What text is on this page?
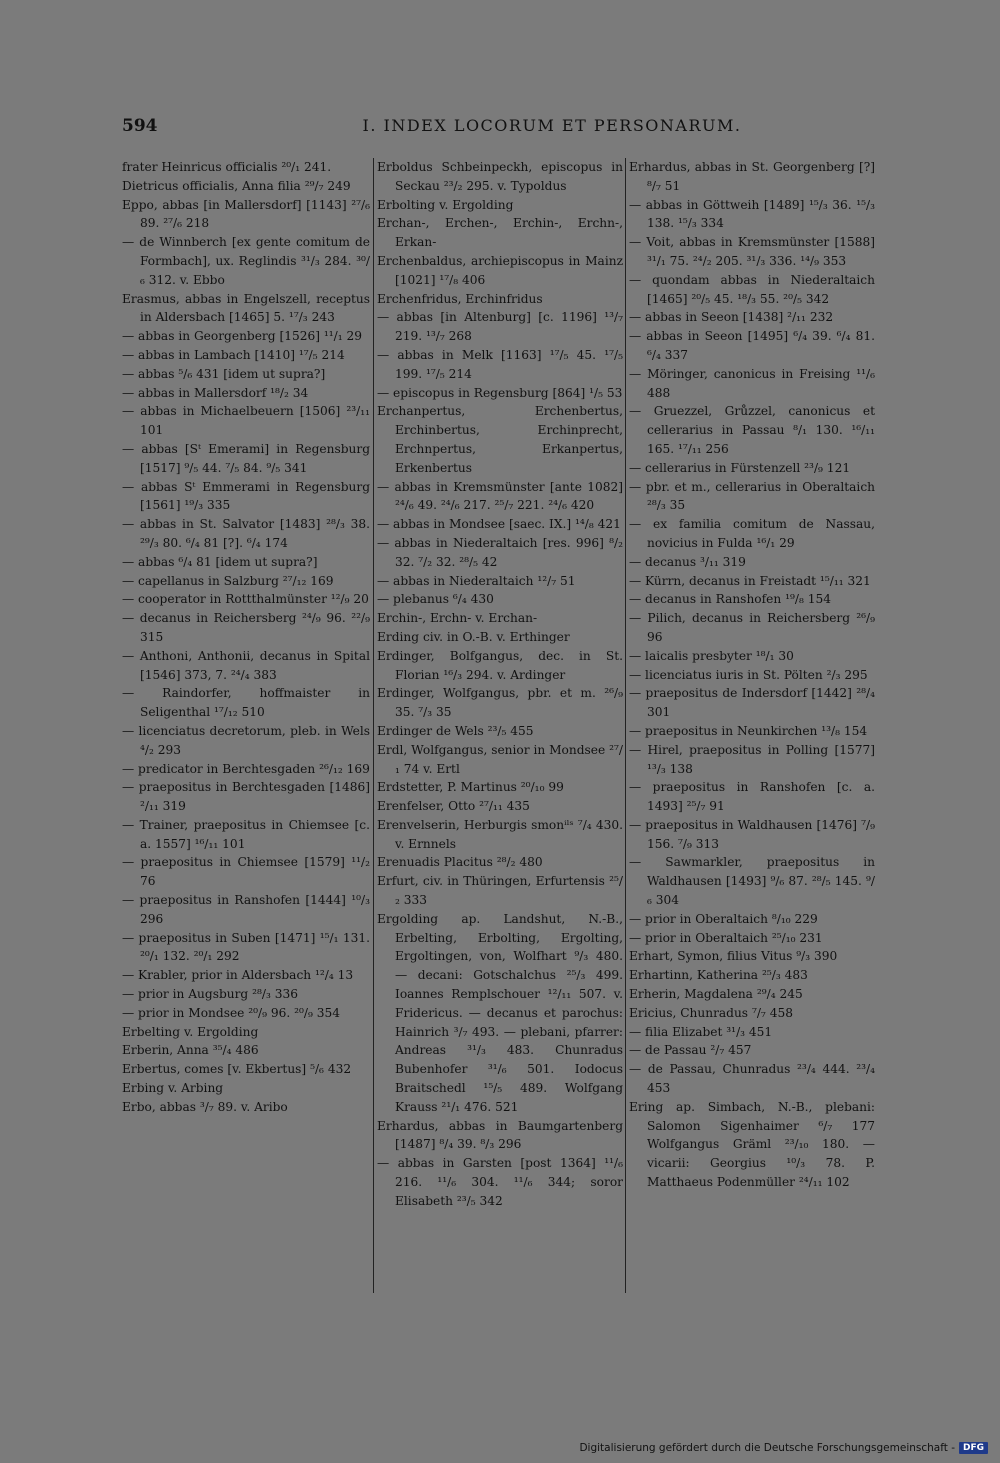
594	I. INDEX LOCORUM ET PERSONARUM.
frater Heinricus officialis ²⁰/₁ 241.
Dietricus officialis, Anna filia ²⁹/₇ 249
Eppo, abbas [in Mallersdorf] [1143] ²⁷/₆ 89. ²⁷/₆ 218
— de Winnberch [ex gente comitum de Formbach], ux. Reglindis ³¹/₃ 284. ³⁰/₆ 312. v. Ebbo
Erasmus, abbas in Engelszell, receptus in Aldersbach [1465] 5. ¹⁷/₃ 243
— abbas in Georgenberg [1526] ¹¹/₁ 29
— abbas in Lambach [1410] ¹⁷/₅ 214
— abbas ⁵/₆ 431 [idem ut supra?]
— abbas in Mallersdorf ¹⁸/₂ 34
— abbas in Michaelbeuern [1506] ²³/₁₁ 101
— abbas [Sᵗ Emerami] in Regensburg [1517] ⁹/₅ 44. ⁷/₅ 84. ⁹/₅ 341
— abbas Sᵗ Emmerami in Regensburg [1561] ¹⁹/₃ 335
— abbas in St. Salvator [1483] ²⁸/₃ 38. ²⁹/₃ 80. ⁶/₄ 81 [?]. ⁶/₄ 174
— abbas ⁶/₄ 81 [idem ut supra?]
— capellanus in Salzburg ²⁷/₁₂ 169
— cooperator in Rottthalmünster ¹²/₉ 20
— decanus in Reichersberg ²⁴/₉ 96. ²²/₉ 315
— Anthoni, Anthonii, decanus in Spital [1546] 373, 7. ²⁴/₄ 383
— Raindorfer, hoffmaister in Seligenthal ¹⁷/₁₂ 510
— licenciatus decretorum, pleb. in Wels ⁴/₂ 293
— predicator in Berchtesgaden ²⁶/₁₂ 169
— praepositus in Berchtesgaden [1486] ²/₁₁ 319
— Trainer, praepositus in Chiemsee [c. a. 1557] ¹⁶/₁₁ 101
— praepositus in Chiemsee [1579] ¹¹/₂ 76
— praepositus in Ranshofen [1444] ¹⁰/₃ 296
— praepositus in Suben [1471] ¹⁵/₁ 131. ²⁰/₁ 132. ²⁰/₁ 292
— Krabler, prior in Aldersbach ¹²/₄ 13
— prior in Augsburg ²⁸/₃ 336
— prior in Mondsee ²⁰/₉ 96. ²⁰/₉ 354
Erbelting v. Ergolding
Erberin, Anna ³⁵/₄ 486
Erbertus, comes [v. Ekbertus] ⁵/₆ 432
Erbing v. Arbing
Erbo, abbas ³/₇ 89. v. Aribo
Erboldus Schbeinpeckh, episcopus in Seckau ²³/₂ 295. v. Typoldus
Erbolting v. Ergolding
Erchan-, Erchen-, Erchin-, Erchn-, Erkan-
Erchenbaldus, archiepiscopus in Mainz [1021] ¹⁷/₈ 406
Erchenfridus, Erchinfridus
— abbas [in Altenburg] [c. 1196] ¹³/₇ 219. ¹³/₇ 268
— abbas in Melk [1163] ¹⁷/₅ 45. ¹⁷/₅ 199. ¹⁷/₅ 214
— episcopus in Regensburg [864] ¹/₅ 53
Erchanpertus, Erchenbertus, Erchinbertus, Erchinprecht, Erchnpertus, Erkanpertus, Erkenbertus
— abbas in Kremsmünster [ante 1082] ²⁴/₆ 49. ²⁴/₆ 217. ²⁵/₇ 221. ²⁴/₆ 420
— abbas in Mondsee [saec. IX.] ¹⁴/₈ 421
— abbas in Niederaltaich [res. 996] ⁸/₂ 32. ⁷/₂ 32. ²⁸/₅ 42
— abbas in Niederaltaich ¹²/₇ 51
— plebanus ⁶/₄ 430
Erchin-, Erchn- v. Erchan-
Erding civ. in O.-B. v. Erthinger
Erdinger, Bolfgangus, dec. in St. Florian ¹⁶/₃ 294. v. Ardinger
Erdinger, Wolfgangus, pbr. et m. ²⁶/₉ 35. ⁷/₃ 35
Erdinger de Wels ²³/₅ 455
Erdl, Wolfgangus, senior in Mondsee ²⁷/₁ 74 v. Ertl
Erdstetter, P. Martinus ²⁰/₁₀ 99
Erenfelser, Otto ²⁷/₁₁ 435
Erenvelserin, Herburgis smonⁱˡˢ ⁷/₄ 430. v. Ernnels
Erenuadis Placitus ²⁸/₂ 480
Erfurt, civ. in Thüringen, Erfurtensis ²⁵/₂ 333
Ergolding ap. Landshut, N.-B., Erbelting, Erbolting, Ergolting, Ergoltingen, von, Wolfhart ⁹/₃ 480. — decani: Gotschalchus ²⁵/₃ 499. Ioannes Remplschouer ¹²/₁₁ 507. v. Fridericus. — decanus et parochus: Hainrich ³/₇ 493. — plebani, pfarrer: Andreas ³¹/₃ 483. Chunradus Bubenhofer ³¹/₆ 501. Iodocus Braitschedl ¹⁵/₅ 489. Wolfgang Krauss ²¹/₁ 476. 521
Erhardus, abbas in Baumgartenberg [1487] ⁸/₄ 39. ⁸/₃ 296
— abbas in Garsten [post 1364] ¹¹/₆ 216. ¹¹/₆ 304. ¹¹/₆ 344; soror Elisabeth ²³/₅ 342
Erhardus, abbas in St. Georgenberg [?] ⁸/₇ 51
— abbas in Göttweih [1489] ¹⁵/₃ 36. ¹⁵/₃ 138. ¹⁵/₃ 334
— Voit, abbas in Kremsmünster [1588] ³¹/₁ 75. ²⁴/₂ 205. ³¹/₃ 336. ¹⁴/₉ 353
— quondam abbas in Niederaltaich [1465] ²⁰/₅ 45. ¹⁸/₃ 55. ²⁰/₅ 342
— abbas in Seeon [1438] ²/₁₁ 232
— abbas in Seeon [1495] ⁶/₄ 39. ⁶/₄ 81. ⁶/₄ 337
— Möringer, canonicus in Freising ¹¹/₆ 488
— Gruezzel, Grůzzel, canonicus et cellerarius in Passau ⁸/₁ 130. ¹⁶/₁₁ 165. ¹⁷/₁₁ 256
— cellerarius in Fürstenzell ²³/₉ 121
— pbr. et m., cellerarius in Oberaltaich ²⁸/₃ 35
— ex familia comitum de Nassau, novicius in Fulda ¹⁶/₁ 29
— decanus ³/₁₁ 319
— Kürrn, decanus in Freistadt ¹⁵/₁₁ 321
— decanus in Ranshofen ¹⁹/₈ 154
— Pilich, decanus in Reichersberg ²⁶/₉ 96
— laicalis presbyter ¹⁸/₁ 30
— licenciatus iuris in St. Pölten ²/₃ 295
— praepositus de Indersdorf [1442] ²⁸/₄ 301
— praepositus in Neunkirchen ¹³/₈ 154
— Hirel, praepositus in Polling [1577] ¹³/₃ 138
— praepositus in Ranshofen [c. a. 1493] ²⁵/₇ 91
— praepositus in Waldhausen [1476] ⁷/₉ 156. ⁷/₉ 313
— Sawmarkler, praepositus in Waldhausen [1493] ⁹/₆ 87. ²⁸/₅ 145. ⁹/₆ 304
— prior in Oberaltaich ⁸/₁₀ 229
— prior in Oberaltaich ²⁵/₁₀ 231
Erhart, Symon, filius Vitus ⁹/₃ 390
Erhartinn, Katherina ²⁵/₃ 483
Erherin, Magdalena ²⁹/₄ 245
Ericius, Chunradus ⁷/₇ 458
— filia Elizabet ³¹/₃ 451
— de Passau ²/₇ 457
— de Passau, Chunradus ²³/₄ 444. ²³/₄ 453
Ering ap. Simbach, N.-B., plebani: Salomon Sigenhaimer ⁶/₇ 177 Wolfgangus Gräml ²³/₁₀ 180. — vicarii: Georgius ¹⁰/₃ 78. P. Matthaeus Podenmüller ²⁴/₁₁ 102
Digitalisierung gefördert durch die Deutsche Forschungsgemeinschaft - DFG
